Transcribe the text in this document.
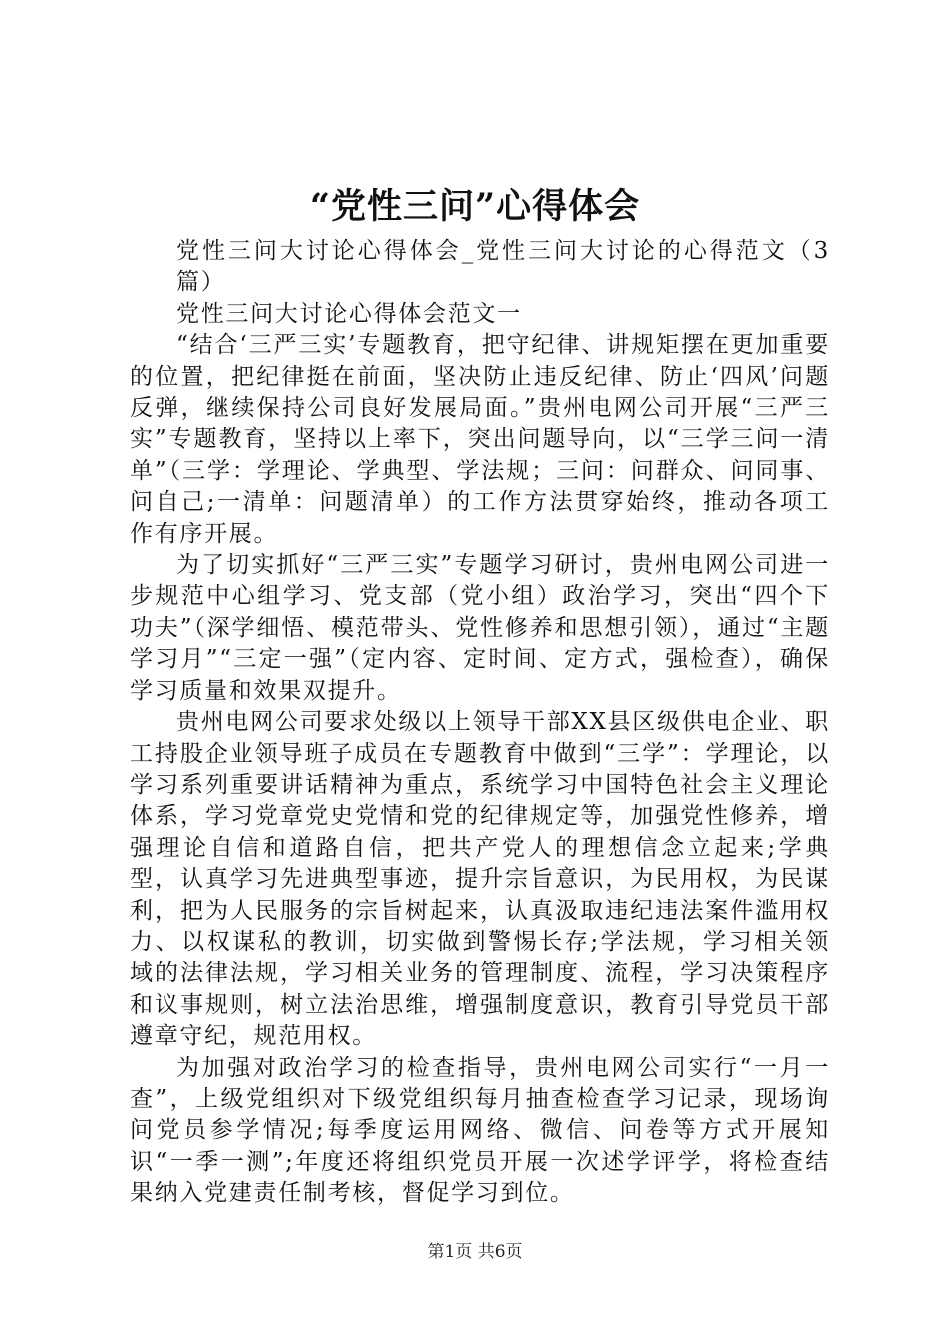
“党性三问”心得体会

党性三问大讨论心得体会_党性三问大讨论的心得范文（3篇）

党性三问大讨论心得体会范文一

“结合‘三严三实’专题教育，把守纪律、讲规矩摆在更加重要的位置，把纪律挺在前面，坚决防止违反纪律、防止‘四风’问题反弹，继续保持公司良好发展局面。”贵州电网公司开展“三严三实”专题教育，坚持以上率下，突出问题导向，以“三学三问一清单”（三学：学理论、学典型、学法规；三问：问群众、问同事、问自己;一清单：问题清单）的工作方法贯穿始终，推动各项工作有序开展。

为了切实抓好“三严三实”专题学习研讨，贵州电网公司进一步规范中心组学习、党支部（党小组）政治学习，突出“四个下功夫”（深学细悟、模范带头、党性修养和思想引领），通过“主题学习月”“三定一强”（定内容、定时间、定方式，强检查），确保学习质量和效果双提升。

贵州电网公司要求处级以上领导干部XX县区级供电企业、职工持股企业领导班子成员在专题教育中做到“三学”：学理论，以学习系列重要讲话精神为重点，系统学习中国特色社会主义理论体系，学习党章党史党情和党的纪律规定等，加强党性修养，增强理论自信和道路自信，把共产党人的理想信念立起来;学典型，认真学习先进典型事迹，提升宗旨意识，为民用权，为民谋利，把为人民服务的宗旨树起来，认真汲取违纪违法案件滥用权力、以权谋私的教训，切实做到警惕长存;学法规，学习相关领域的法律法规，学习相关业务的管理制度、流程，学习决策程序和议事规则，树立法治思维，增强制度意识，教育引导党员干部遵章守纪，规范用权。

为加强对政治学习的检查指导，贵州电网公司实行“一月一查”，上级党组织对下级党组织每月抽查检查学习记录，现场询问党员参学情况;每季度运用网络、微信、问卷等方式开展知识“一季一测”;年度还将组织党员开展一次述学评学，将检查结果纳入党建责任制考核，督促学习到位。

第1页 共6页
